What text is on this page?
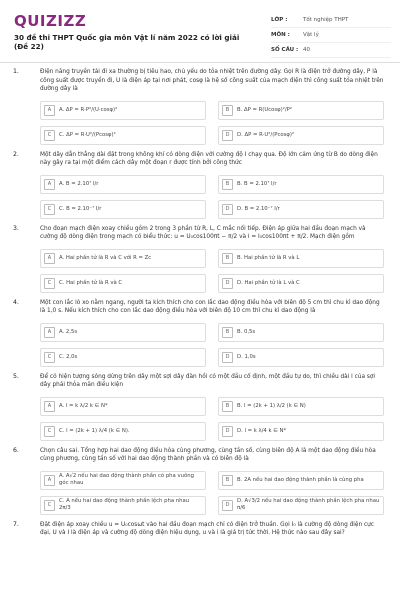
QUIZIZZ
30 đề thi THPT Quốc gia môn Vật lí năm 2022 có lời giải (Đề 22)
LỚP :	Tốt nghiệp THPT
MÔN :	Vật lý
SỐ CÂU : 40
1.	Điện năng truyền tải đi xa thường bị tiêu hao, chủ yếu do tỏa nhiệt trên đường dây. Gọi R là điện trở đường dây, P là công suất được truyền đi, U là điện áp tại nơi phát, cosφ là hệ số công suất của mạch điện thì công suất tỏa nhiệt trên đường dây là
A	A. ΔP = R·P²/(U·cosφ)²	B	B. ΔP = R(Ucosφ)²/P²
C	C. ΔP = R·U²/(Pcosφ)²	D	D. ΔP = R·U²/(Pcosφ)²
2.	Một dây dẫn thẳng dài đặt trong không khí có dòng điện với cường độ I chạy qua. Độ lớn cảm ứng từ B do dòng điện này gây ra tại một điểm cách dây một đoạn r được tính bởi công thức
A	A. B = 2.10⁷ I/r	B	B. B = 2.10⁷ I/r
C	C. B = 2.10⁻⁷ I/r	D	D. B = 2.10⁻⁷ I/r
3.	Cho đoạn mạch điện xoay chiều gồm 2 trong 3 phần tử R, L, C mắc nối tiếp. Điện áp giữa hai đầu đoạn mạch và cường độ dòng điện trong mạch có biểu thức: u = U₀cos100πt − π/2 và i = I₀cos100πt + π/2. Mạch điện gồm
A	A. Hai phần tử là R và C với R = Zc	B	B. Hai phần tử là R và L
C	C. Hai phần tử là R và C	D	D. Hai phần tử là L và C
4.	Một con lắc lò xo nằm ngang, người ta kích thích cho con lắc dao động điều hòa với biên độ 5 cm thì chu kì dao động là 1,0 s. Nếu kích thích cho con lắc dao động điều hòa với biên độ 10 cm thì chu kì dao động là
A	A. 2,5s	B	B. 0,5s
C	C. 2,0s	D	D. 1,0s
5.	Để có hiện tượng sóng dừng trên dây một sợi dây đàn hồi có một đầu cố định, một đầu tự do, thì chiều dài l của sợi dây phải thỏa mãn điều kiện
A	A. l = k λ/2 k ∈ N*	B	B. l = (2k + 1) λ/2 (k ∈ N)
C	C. l = (2k + 1) λ/4 (k ∈ N).	D	D. l = k λ/4 k ∈ N*
6.	Chọn câu sai. Tổng hợp hai dao động điều hòa cùng phương, cùng tần số, cùng biên độ A là một dao động điều hòa cùng phương, cùng tần số với hai dao động thành phần và có biên độ là
A
A. A√2 nếu hai dao động thành phần có pha vuông góc nhau
B	B. 2A nếu hai dao động thành phần là cùng pha
C
C. A nếu hai dao động thành phần lệch pha nhau 2π/3
D
D. A√3/2 nếu hai dao động thành phần lệch pha nhau π/6
7.	Đặt điện áp xoay chiều u = U₀cosωt vào hai đầu đoạn mạch chỉ có điện trở thuần. Gọi I₀ là cường độ dòng điện cực đại, U và I là điện áp và cường độ dòng điện hiệu dụng, u và i là giá trị tức thời. Hệ thức nào sau đây sai?
